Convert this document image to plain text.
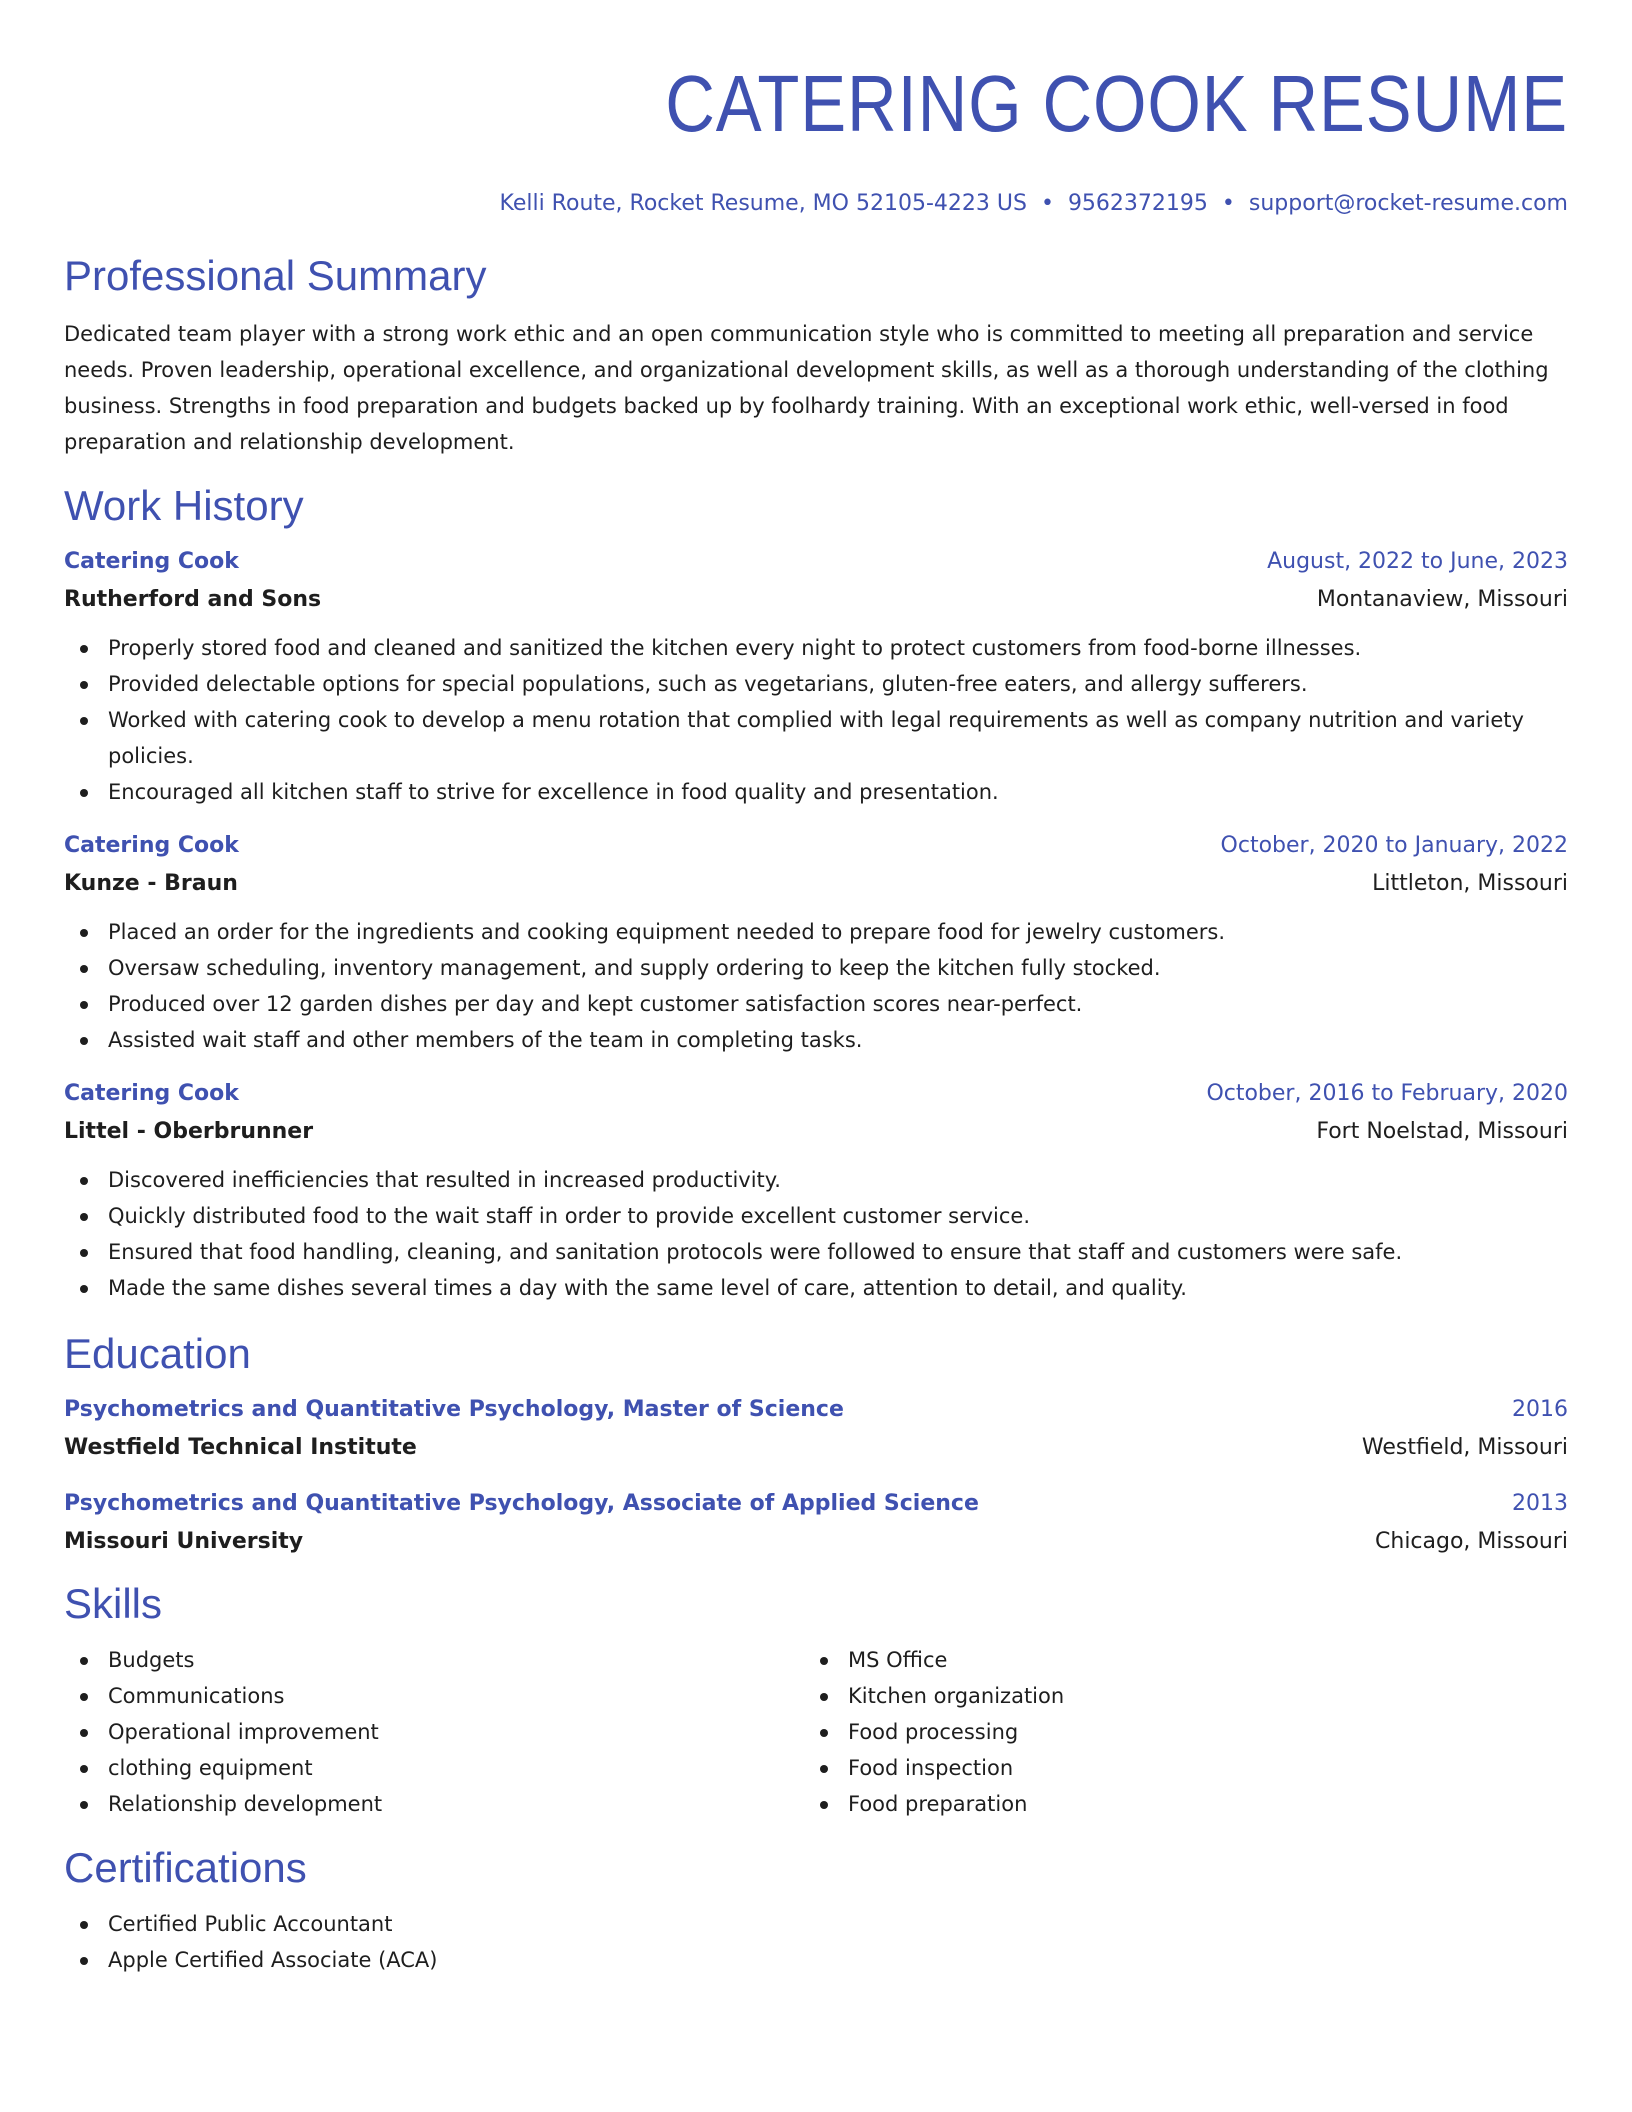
CATERING COOK RESUME
Kelli Route, Rocket Resume, MO 52105-4223 US • 9562372195 • support@rocket-resume.com
Professional Summary

Dedicated team player with a strong work ethic and an open communication style who is committed to meeting all preparation and service needs. Proven leadership, operational excellence, and organizational development skills, as well as a thorough understanding of the clothing business. Strengths in food preparation and budgets backed up by foolhardy training. With an exceptional work ethic, well-versed in food preparation and relationship development.

Work History
Catering Cook	August, 2022 to June, 2023
Rutherford and Sons	Montanaview, Missouri
Properly stored food and cleaned and sanitized the kitchen every night to protect customers from food-borne illnesses.
Provided delectable options for special populations, such as vegetarians, gluten-free eaters, and allergy sufferers.
Worked with catering cook to develop a menu rotation that complied with legal requirements as well as company nutrition and variety policies.
Encouraged all kitchen staff to strive for excellence in food quality and presentation.
Catering Cook	October, 2020 to January, 2022
Kunze - Braun	Littleton, Missouri
Placed an order for the ingredients and cooking equipment needed to prepare food for jewelry customers.
Oversaw scheduling, inventory management, and supply ordering to keep the kitchen fully stocked.
Produced over 12 garden dishes per day and kept customer satisfaction scores near-perfect.
Assisted wait staff and other members of the team in completing tasks.
Catering Cook	October, 2016 to February, 2020
Littel - Oberbrunner	Fort Noelstad, Missouri
Discovered inefficiencies that resulted in increased productivity.
Quickly distributed food to the wait staff in order to provide excellent customer service.
Ensured that food handling, cleaning, and sanitation protocols were followed to ensure that staff and customers were safe.
Made the same dishes several times a day with the same level of care, attention to detail, and quality.
Education
Psychometrics and Quantitative Psychology, Master of Science	2016
Westfield Technical Institute	Westfield, Missouri
Psychometrics and Quantitative Psychology, Associate of Applied Science	2013
Missouri University	Chicago, Missouri
Skills
Budgets
Communications
Operational improvement
clothing equipment
Relationship development
MS Office
Kitchen organization
Food processing
Food inspection
Food preparation
Certifications
Certified Public Accountant
Apple Certified Associate (ACA)
